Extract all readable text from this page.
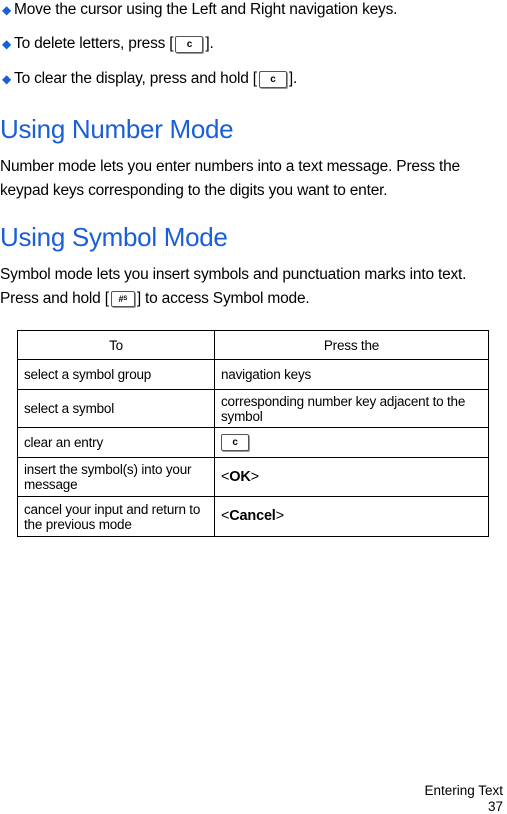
◆ Move the cursor using the Left and Right navigation keys.
◆ To delete letters, press [	c ].
◆ To clear the display, press and hold [	c ].
Using Number Mode

Number mode lets you enter numbers into a text message. Press the keypad keys corresponding to the digits you want to enter.

Using Symbol Mode

Symbol mode lets you insert symbols and punctuation marks into text. Press and hold [ # S ] to access Symbol mode.

To	Press the
select a symbol group	navigation keys
select a symbol	corresponding number key adjacent to the symbol
clear an entry	c
insert the symbol(s) into your message	<OK>
cancel your input and return to the previous mode	<Cancel>
Entering Text
37
